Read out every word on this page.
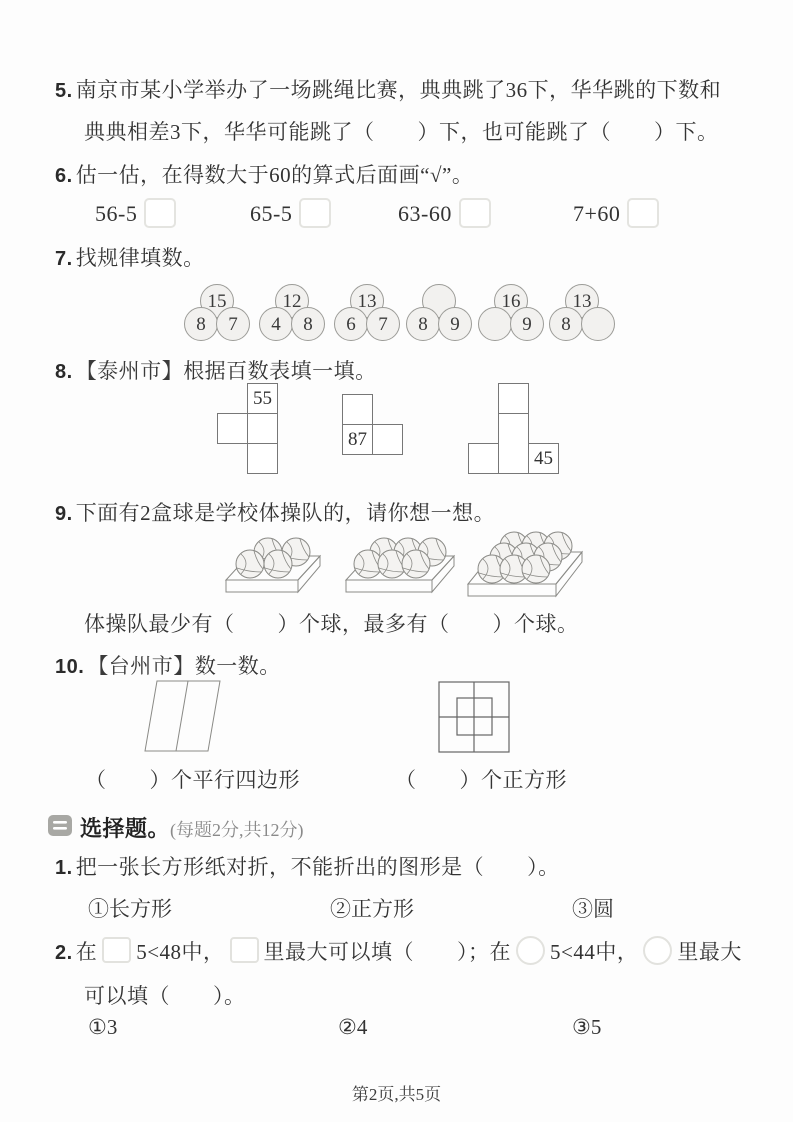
5. 南京市某小学举办了一场跳绳比赛，典典跳了36下，华华跳的下数和
典典相差3下，华华可能跳了（　　）下，也可能跳了（　　）下。
6. 估一估，在得数大于60的算式后面画“√”。
56-5	65-5	63-60	7+60
7. 找规律填数。
15
8	7
12
4	8
13
6	7	8	9
16
9
13
8
8. 【泰州市】根据百数表填一填。
55
87
45
9. 下面有2盒球是学校体操队的，请你想一想。
体操队最少有（　　）个球，最多有（　　）个球。
10. 【台州市】数一数。
（　　）个平行四边形	（　　）个正方形
选择题。(每题2分,共12分)
1. 把一张长方形纸对折，不能折出的图形是（　　）。
①长方形	②正方形	③圆
2. 在 5<48中， 里最大可以填（　　）；在 5<44中， 里最大
可以填（　　）。
①3	②4	③5
第2页,共5页
